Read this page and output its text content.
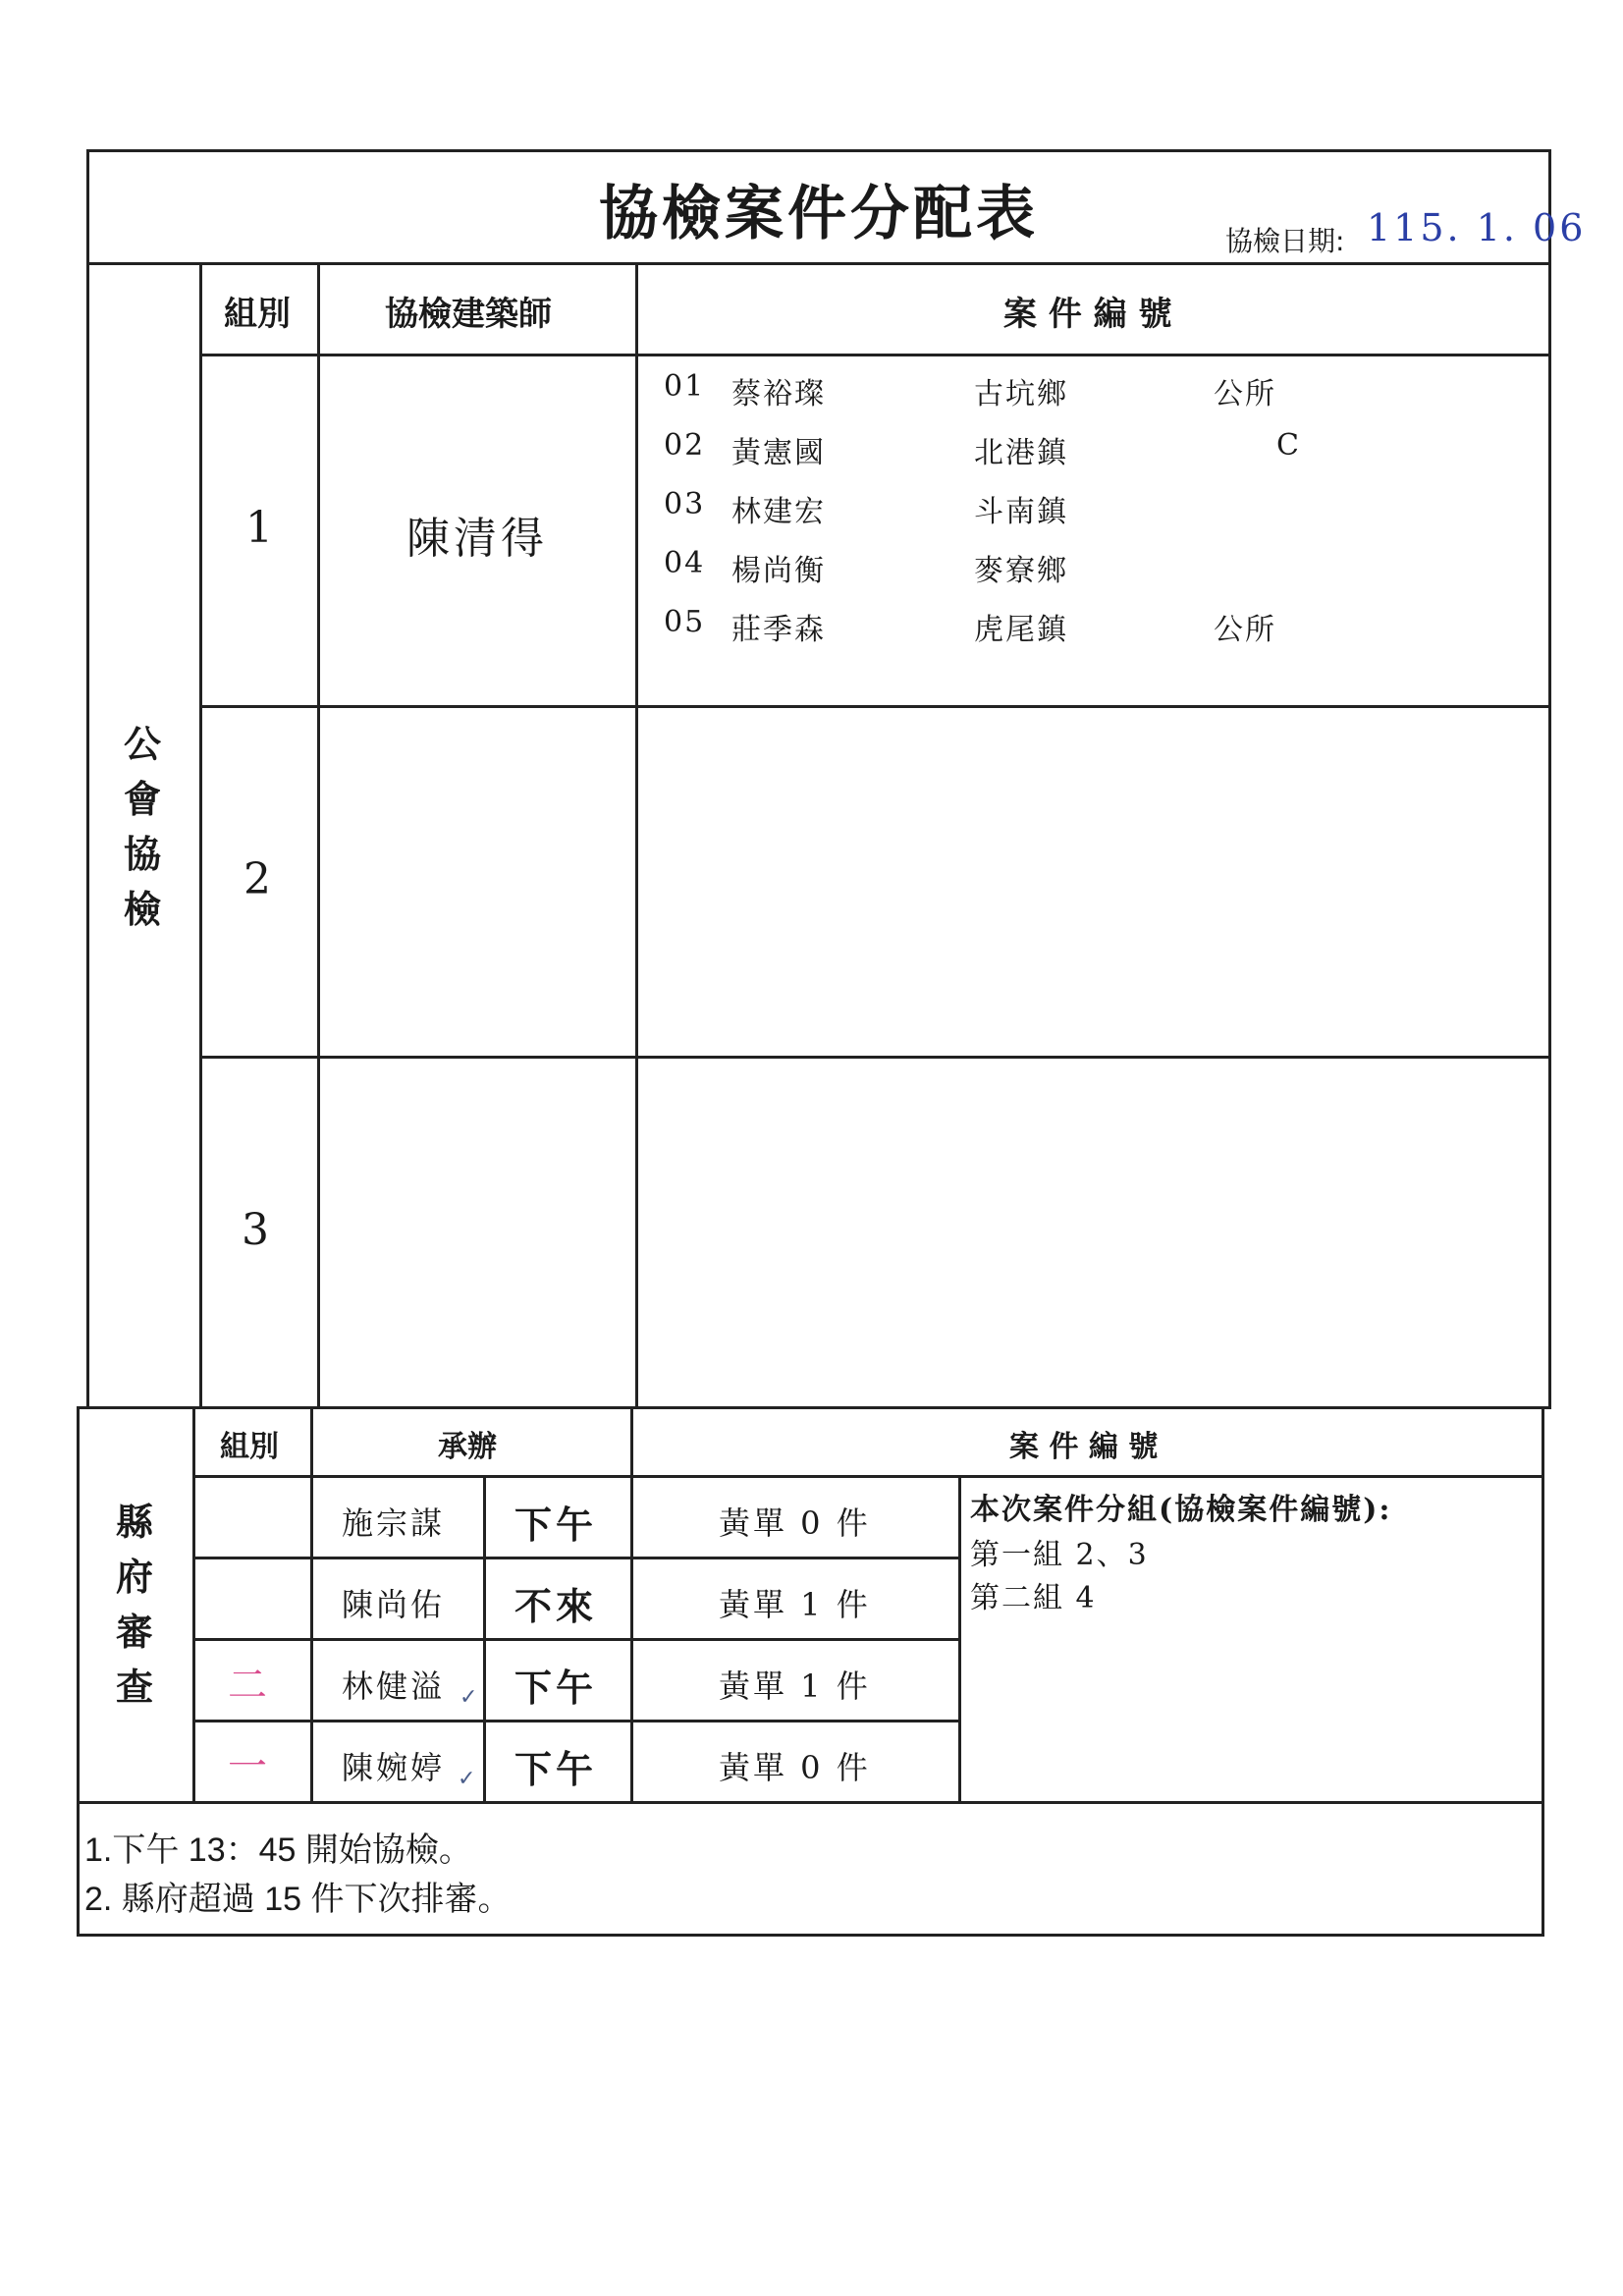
協檢案件分配表	協檢日期: 115. 1. 06
公
會
協
檢
組別	協檢建築師	案 件 編 號
1	陳清得
01 蔡裕璨	古坑鄉	公所
02 黃憲國	北港鎮	C
03 林建宏	斗南鎮
04 楊尚衡	麥寮鄉
05 莊季森	虎尾鎮	公所
2
3
縣
府
審
查
組別	承辦	案 件 編 號
施宗謀 下午	黃單 0 件
陳尚佑 不來	黃單 1 件
二 林健溢 ✓ 下午	黃單 1 件
一 陳婉婷 ✓ 下午	黃單 0 件
本次案件分組(協檢案件編號):
第一組 2、3
第二組 4
1.下午 13：45 開始協檢。
2. 縣府超過 15 件下次排審。
